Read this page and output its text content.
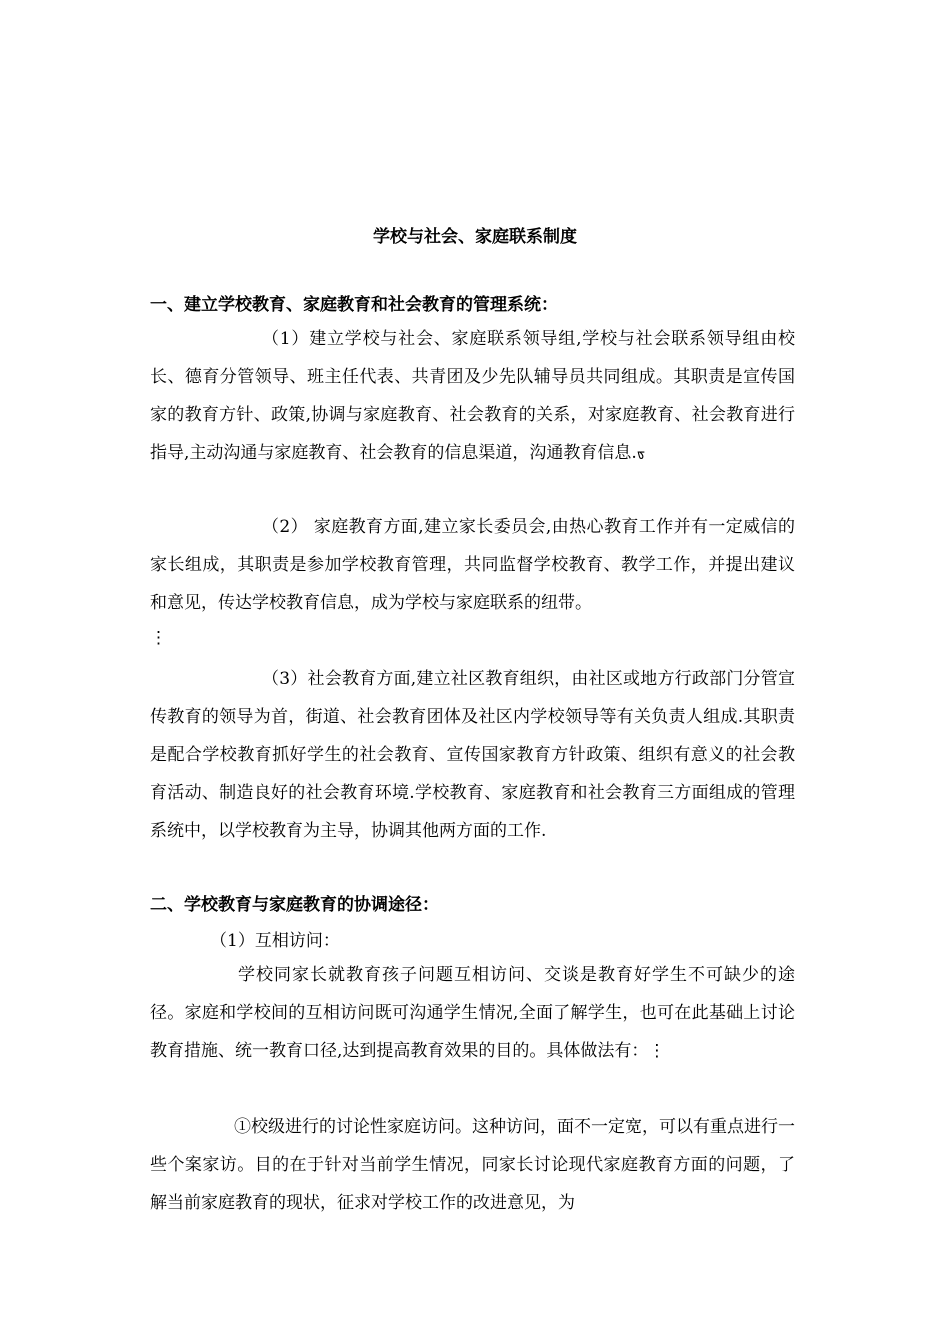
学校与社会、家庭联系制度
一、建立学校教育、家庭教育和社会教育的管理系统：

（1）建立学校与社会、家庭联系领导组,学校与社会联系领导组由校长、德育分管领导、班主任代表、共青团及少先队辅导员共同组成。其职责是宣传国家的教育方针、政策,协调与家庭教育、社会教育的关系，对家庭教育、社会教育进行指导,主动沟通与家庭教育、社会教育的信息渠道，沟通教育信息.ᢐ

（2） 家庭教育方面,建立家长委员会,由热心教育工作并有一定威信的家长组成，其职责是参加学校教育管理，共同监督学校教育、教学工作，并提出建议和意见，传达学校教育信息，成为学校与家庭联系的纽带。

⋮

（3）社会教育方面,建立社区教育组织，由社区或地方行政部门分管宣传教育的领导为首，街道、社会教育团体及社区内学校领导等有关负责人组成.其职责是配合学校教育抓好学生的社会教育、宣传国家教育方针政策、组织有意义的社会教育活动、制造良好的社会教育环境.学校教育、家庭教育和社会教育三方面组成的管理系统中，以学校教育为主导，协调其他两方面的工作.

二、学校教育与家庭教育的协调途径：
（1）互相访问：

学校同家长就教育孩子问题互相访问、交谈是教育好学生不可缺少的途径。家庭和学校间的互相访问既可沟通学生情况,全面了解学生，也可在此基础上讨论教育措施、统一教育口径,达到提高教育效果的目的。具体做法有：⋮

①校级进行的讨论性家庭访问。这种访问，面不一定宽，可以有重点进行一些个案家访。目的在于针对当前学生情况，同家长讨论现代家庭教育方面的问题，了解当前家庭教育的现状，征求对学校工作的改进意见，为
